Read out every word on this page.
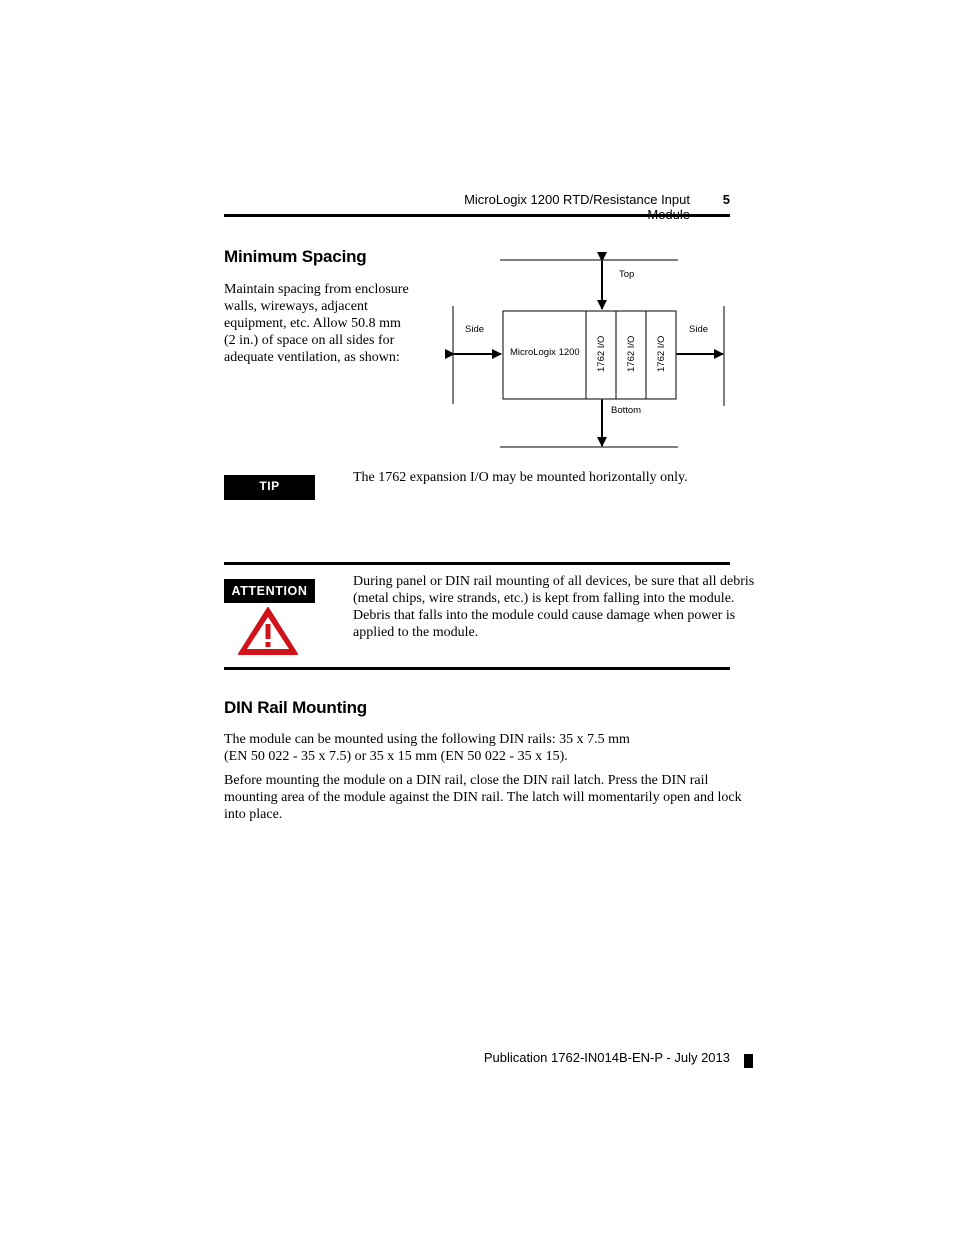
MicroLogix 1200 RTD/Resistance Input	5
Minimum Spacing
Maintain spacing from enclosure
walls, wireways, adjacent
equipment, etc. Allow 50.8 mm
(2 in.) of space on all sides for
adequate ventilation, as shown:	MicroLogix 1200 1762 I/O 1762 I/O 1762 I/O
Top
Bottom
Side	Side
TIP
The 1762 expansion I/O may be mounted horizontally only.
ATTENTION
During panel or DIN rail mounting of all devices, be sure that all debris
(metal chips, wire strands, etc.) is kept from falling into the module.
Debris that falls into the module could cause damage when power is
applied to the module.
DIN Rail Mounting
The module can be mounted using the following DIN rails: 35 x 7.5 mm
(EN 50 022 - 35 x 7.5) or 35 x 15 mm (EN 50 022 - 35 x 15).
Before mounting the module on a DIN rail, close the DIN rail latch. Press the DIN rail
mounting area of the module against the DIN rail. The latch will momentarily open and lock
into place.
Publication 1762-IN014B-EN-P - July 2013
